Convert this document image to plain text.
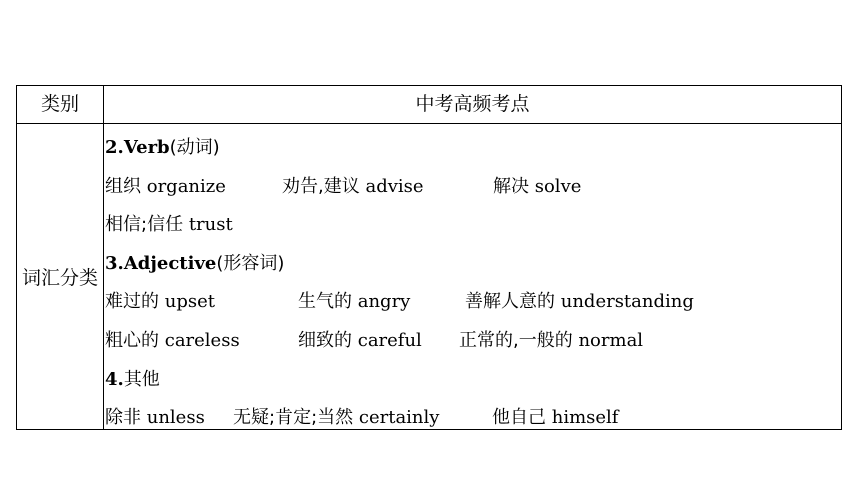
类别	中考高频考点
词汇分类
2.Verb(动词)
组织 organize	劝告,建议 advise	解决 solve
相信;信任 trust
3.Adjective(形容词)
难过的 upset	生气的 angry	善解人意的 understanding
粗心的 careless	细致的 careful 正常的,一般的 normal
4.其他
除非 unless 无疑;肯定;当然 certainly	他自己 himself
